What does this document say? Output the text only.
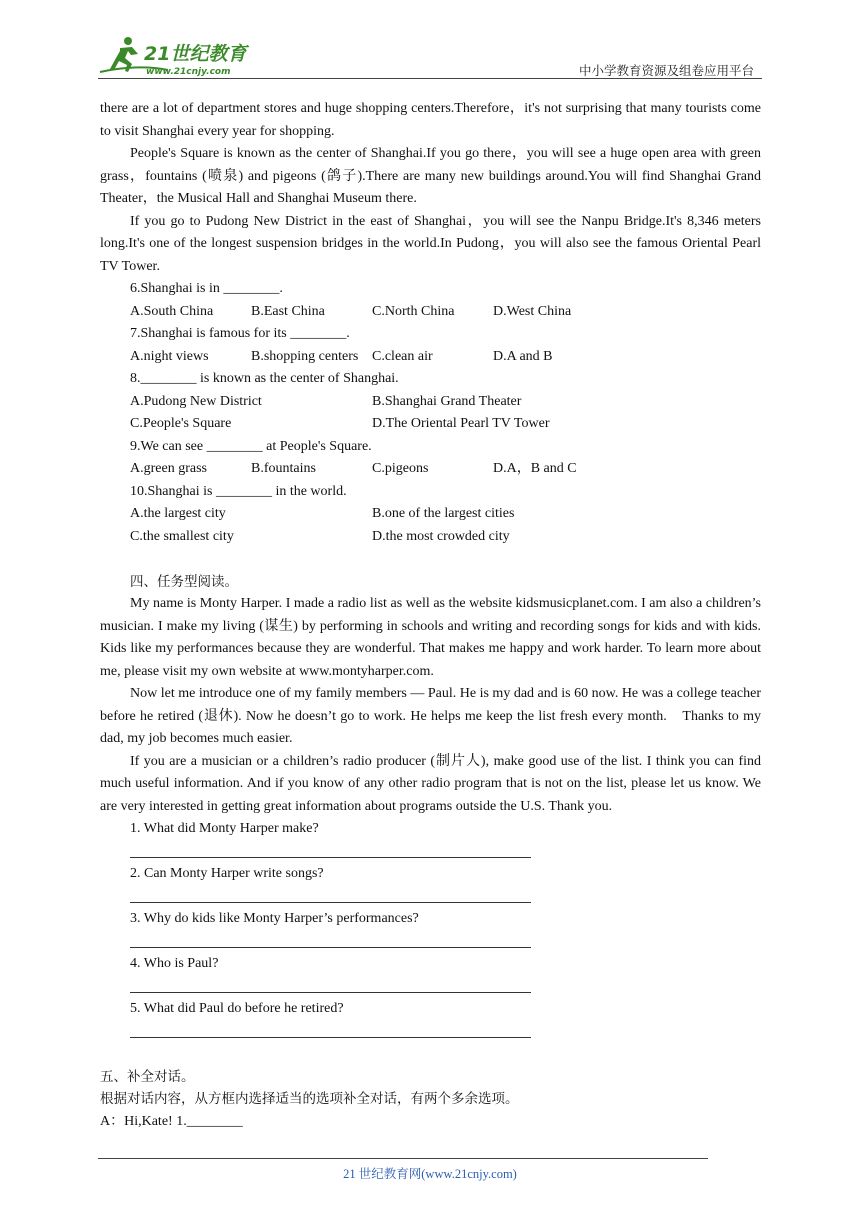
21世纪教育
www.21cnjy.com	中小学教育资源及组卷应用平台

there are a lot of department stores and huge shopping centers.Therefore，it's not surprising that many tourists come to visit Shanghai every year for shopping.

People's Square is known as the center of Shanghai.If you go there，you will see a huge open area with green grass，fountains (喷泉) and pigeons (鸽子).There are many new buildings around.You will find Shanghai Grand Theater，the Musical Hall and Shanghai Museum there.

If you go to Pudong New District in the east of Shanghai，you will see the Nanpu Bridge.It's 8,346 meters long.It's one of the longest suspension bridges in the world.In Pudong，you will also see the famous Oriental Pearl TV Tower.

6.Shanghai is in ________.

A.South China	B.East China	C.North China	D.West China

7.Shanghai is famous for its ________.

A.night views	B.shopping centers C.clean air	D.A and B

8.________ is known as the center of Shanghai.

A.Pudong New District	B.Shanghai Grand Theater
C.People's Square	D.The Oriental Pearl TV Tower

9.We can see ________ at People's Square.

A.green grass	B.fountains	C.pigeons	D.A，B and C

10.Shanghai is ________ in the world.

A.the largest city	B.one of the largest cities
C.the smallest city	D.the most crowded city

四、任务型阅读。

My name is Monty Harper. I made a radio list as well as the website kidsmusicplanet.com. I am also a children’s musician. I make my living (谋生) by performing in schools and writing and recording songs for kids and with kids. Kids like my performances because they are wonderful. That makes me happy and work harder. To learn more about me, please visit my own website at www.montyharper.com.

Now let me introduce one of my family members — Paul. He is my dad and is 60 now. He was a college teacher before he retired (退休). Now he doesn’t go to work. He helps me keep the list fresh every month.　Thanks to my dad, my job becomes much easier.

If you are a musician or a children’s radio producer (制片人), make good use of the list. I think you can find much useful information. And if you know of any other radio program that is not on the list, please let us know. We are very interested in getting great information about programs outside the U.S. Thank you.

1. What did Monty Harper make?

2. Can Monty Harper write songs?

3. Why do kids like Monty Harper’s performances?

4. Who is Paul?

5. What did Paul do before he retired?

五、补全对话。

根据对话内容，从方框内选择适当的选项补全对话，有两个多余选项。

A：Hi,Kate! 1.________

21 世纪教育网(www.21cnjy.com)
